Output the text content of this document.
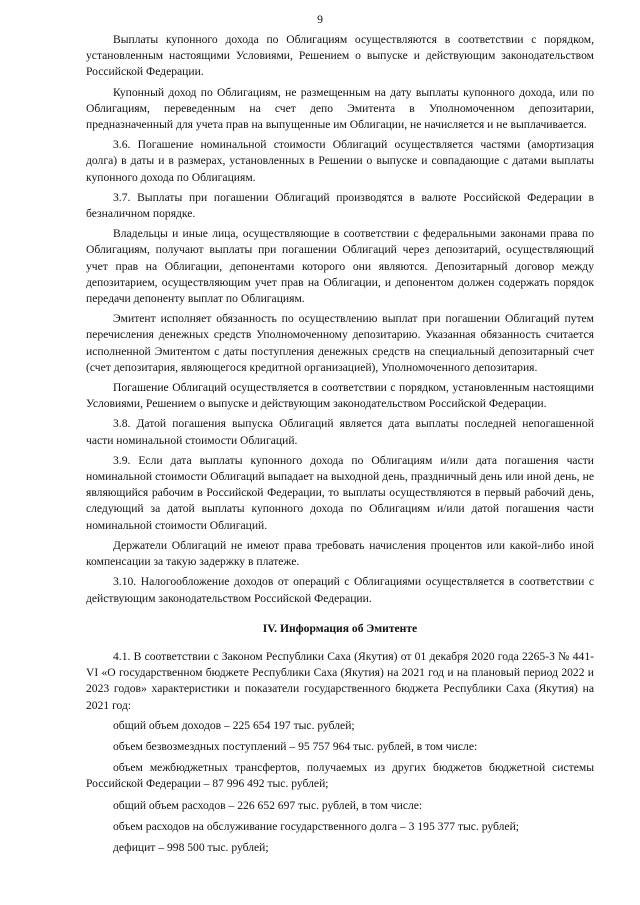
9

Выплаты купонного дохода по Облигациям осуществляются в соответствии с порядком, установленным настоящими Условиями, Решением о выпуске и действующим законодательством Российской Федерации.

Купонный доход по Облигациям, не размещенным на дату выплаты купонного дохода, или по Облигациям, переведенным на счет депо Эмитента в Уполномоченном депозитарии, предназначенный для учета прав на выпущенные им Облигации, не начисляется и не выплачивается.

3.6. Погашение номинальной стоимости Облигаций осуществляется частями (амортизация долга) в даты и в размерах, установленных в Решении о выпуске и совпадающие с датами выплаты купонного дохода по Облигациям.

3.7. Выплаты при погашении Облигаций производятся в валюте Российской Федерации в безналичном порядке.

Владельцы и иные лица, осуществляющие в соответствии с федеральными законами права по Облигациям, получают выплаты при погашении Облигаций через депозитарий, осуществляющий учет прав на Облигации, депонентами которого они являются. Депозитарный договор между депозитарием, осуществляющим учет прав на Облигации, и депонентом должен содержать порядок передачи депоненту выплат по Облигациям.

Эмитент исполняет обязанность по осуществлению выплат при погашении Облигаций путем перечисления денежных средств Уполномоченному депозитарию. Указанная обязанность считается исполненной Эмитентом с даты поступления денежных средств на специальный депозитарный счет (счет депозитария, являющегося кредитной организацией), Уполномоченного депозитария.

Погашение Облигаций осуществляется в соответствии с порядком, установленным настоящими Условиями, Решением о выпуске и действующим законодательством Российской Федерации.

3.8. Датой погашения выпуска Облигаций является дата выплаты последней непогашенной части номинальной стоимости Облигаций.

3.9. Если дата выплаты купонного дохода по Облигациям и/или дата погашения части номинальной стоимости Облигаций выпадает на выходной день, праздничный день или иной день, не являющийся рабочим в Российской Федерации, то выплаты осуществляются в первый рабочий день, следующий за датой выплаты купонного дохода по Облигациям и/или датой погашения части номинальной стоимости Облигаций.

Держатели Облигаций не имеют права требовать начисления процентов или какой-либо иной компенсации за такую задержку в платеже.

3.10. Налогообложение доходов от операций с Облигациями осуществляется в соответствии с действующим законодательством Российской Федерации.

IV. Информация об Эмитенте

4.1. В соответствии с Законом Республики Саха (Якутия) от 01 декабря 2020 года 2265-З № 441-VI «О государственном бюджете Республики Саха (Якутия) на 2021 год и на плановый период 2022 и 2023 годов» характеристики и показатели государственного бюджета Республики Саха (Якутия) на 2021 год:

общий объем доходов – 225 654 197 тыс. рублей;

объем безвозмездных поступлений – 95 757 964 тыс. рублей, в том числе:

объем межбюджетных трансфертов, получаемых из других бюджетов бюджетной системы Российской Федерации – 87 996 492 тыс. рублей;

общий объем расходов – 226 652 697 тыс. рублей, в том числе:

объем расходов на обслуживание государственного долга – 3 195 377 тыс. рублей;

дефицит – 998 500 тыс. рублей;
